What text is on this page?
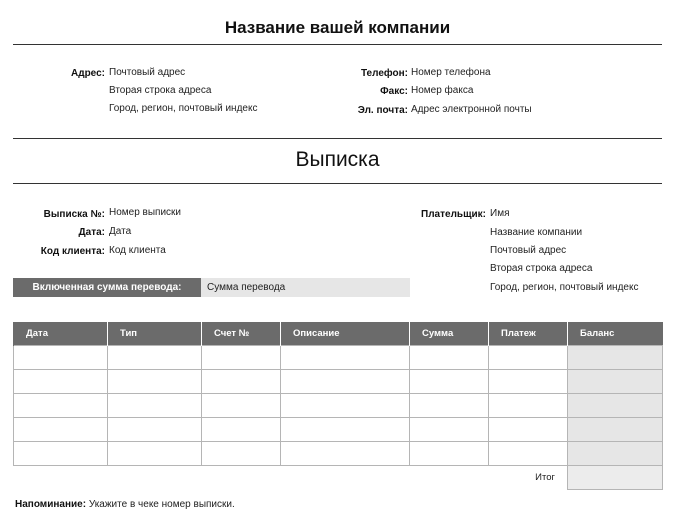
Название вашей компании
Адрес: Почтовый адрес
Вторая строка адреса
Город, регион, почтовый индекс
Телефон: Номер телефона
Факс: Номер факса
Эл. почта: Адрес электронной почты
Выписка
Выписка №: Номер выписки
Дата: Дата
Код клиента: Код клиента
Плательщик: Имя
Название компании
Почтовый адрес
Вторая строка адреса
Город, регион, почтовый индекс
Включенная сумма перевода:	Сумма перевода
Дата	Тип	Счет №	Описание	Сумма	Платеж	Баланс

Итог						
Напоминание: Укажите в чеке номер выписки.
